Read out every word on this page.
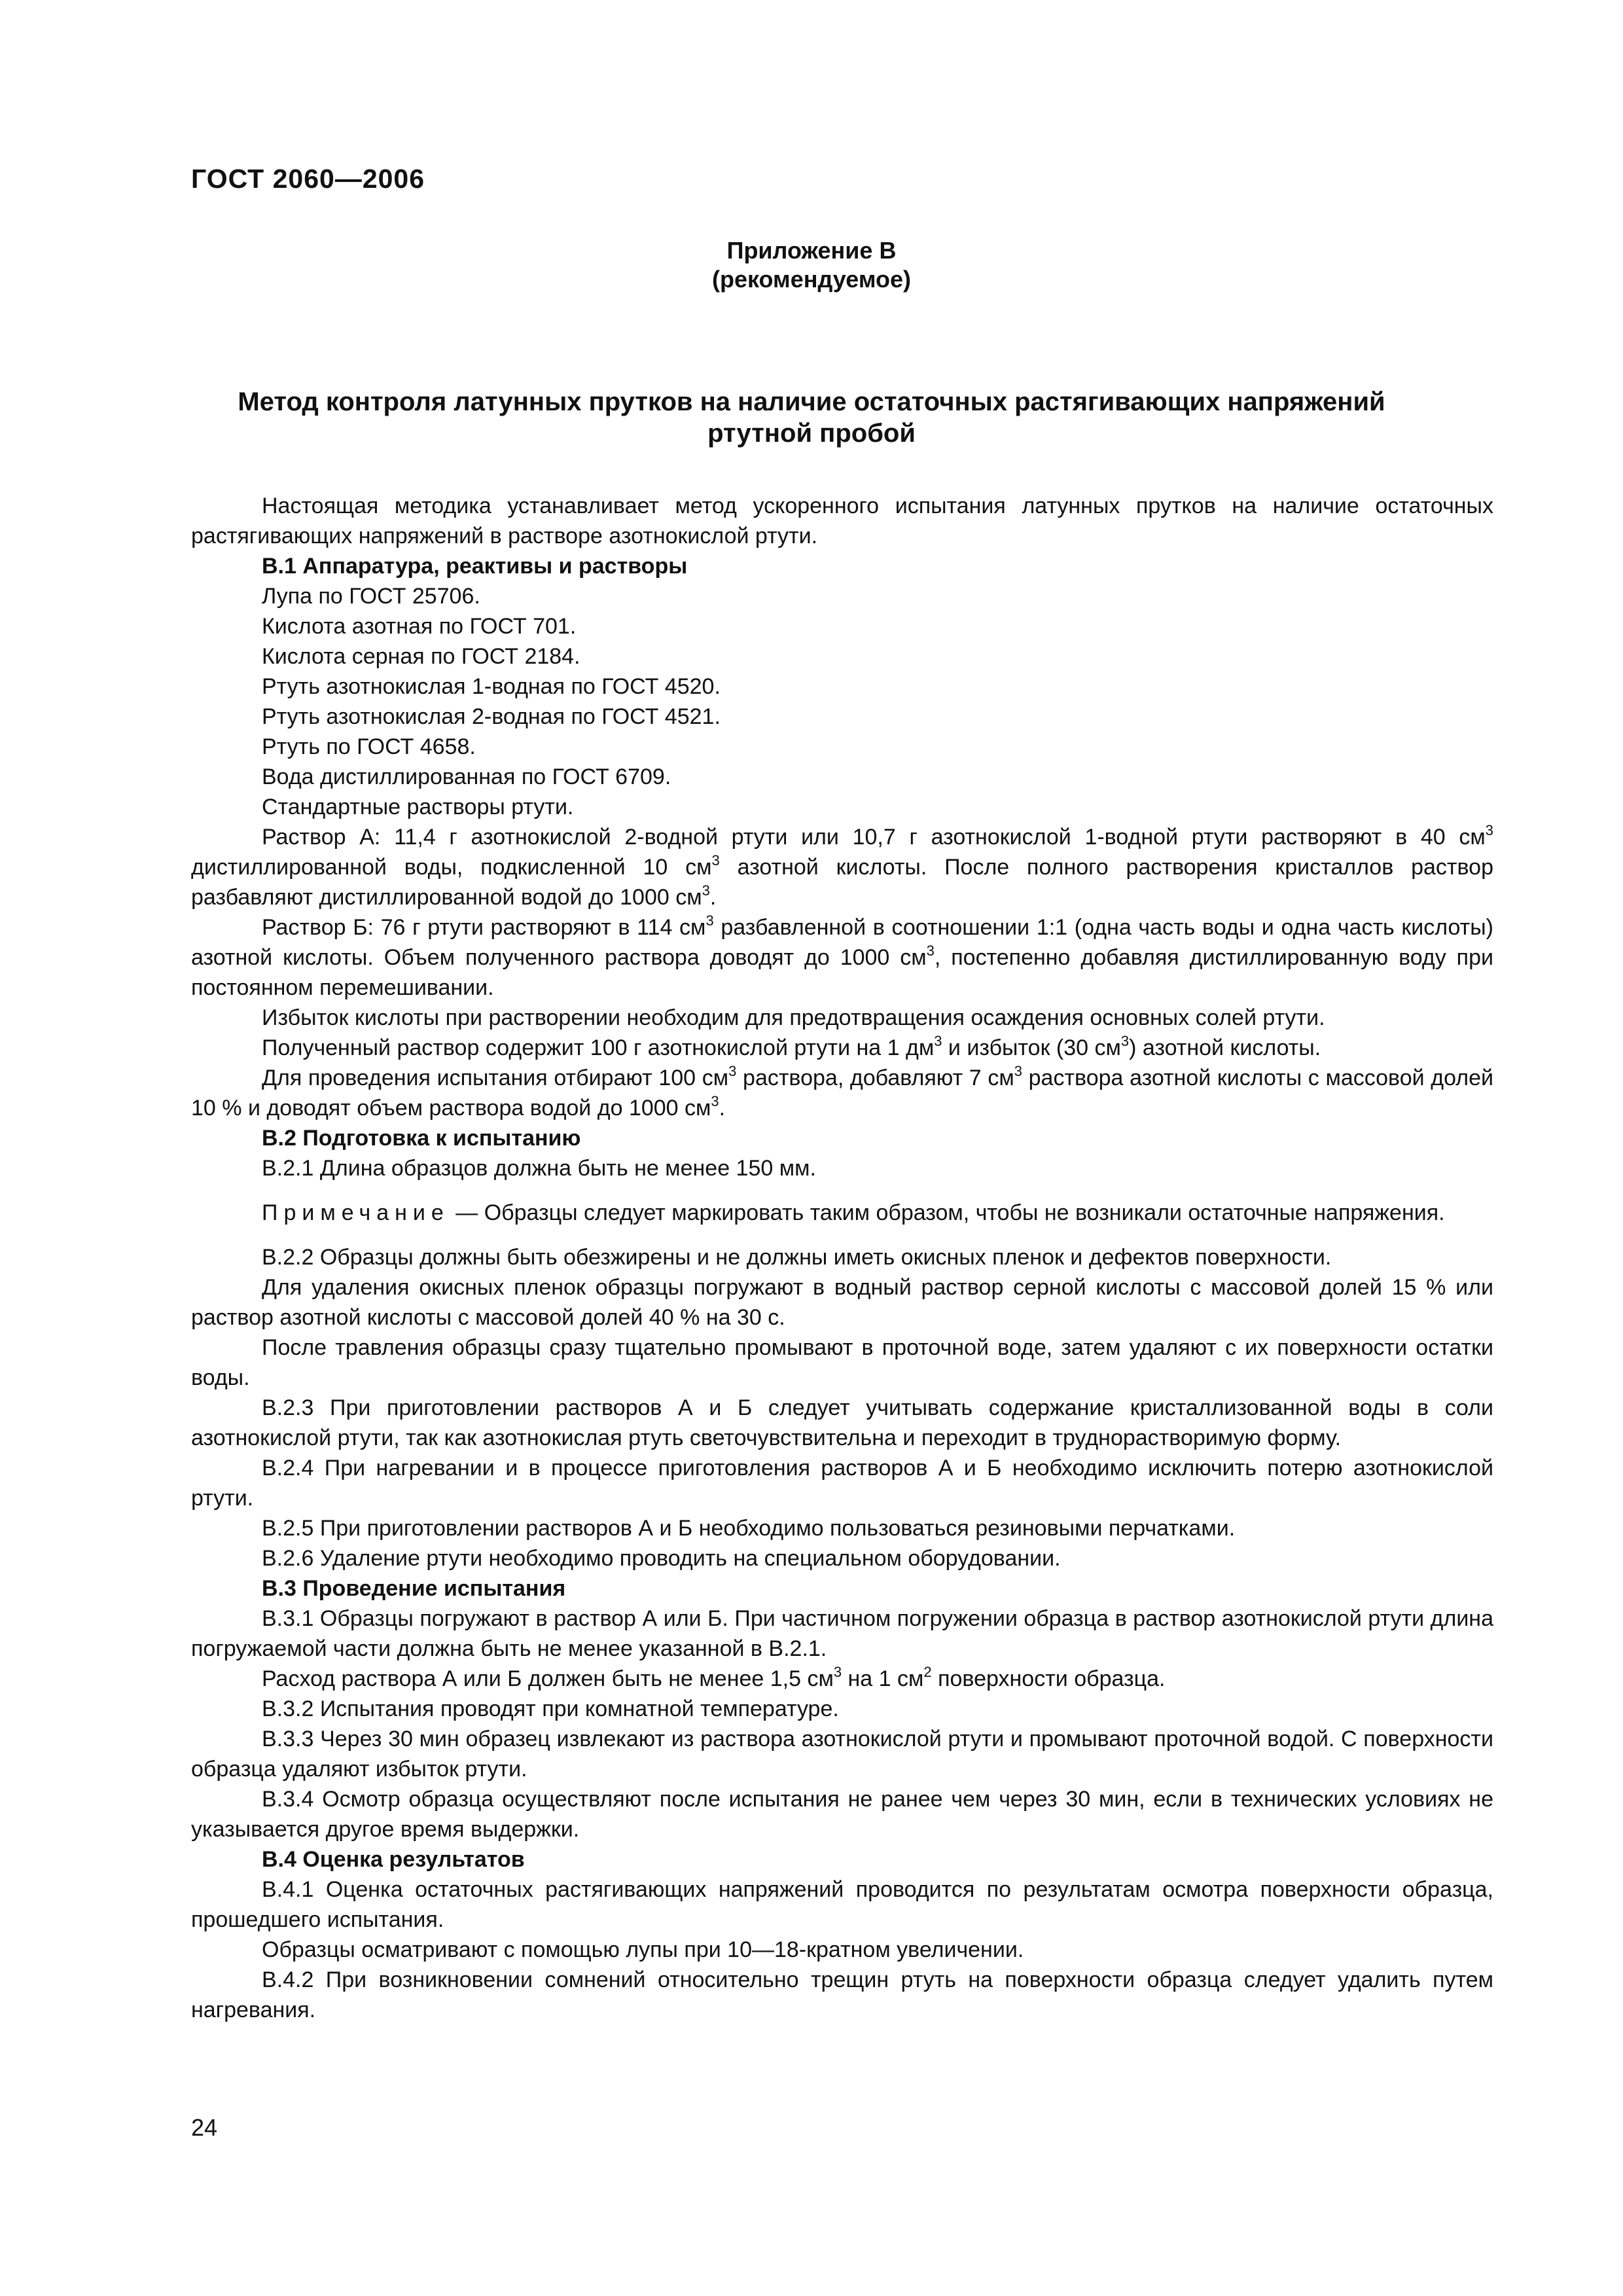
ГОСТ 2060—2006
Приложение В
(рекомендуемое)
Метод контроля латунных прутков на наличие остаточных растягивающих напряжений
ртутной пробой

Настоящая методика устанавливает метод ускоренного испытания латунных прутков на наличие остаточных растягивающих напряжений в растворе азотнокислой ртути.

В.1 Аппаратура, реактивы и растворы

Лупа по ГОСТ 25706.

Кислота азотная по ГОСТ 701.

Кислота серная по ГОСТ 2184.

Ртуть азотнокислая 1-водная по ГОСТ 4520.

Ртуть азотнокислая 2-водная по ГОСТ 4521.

Ртуть по ГОСТ 4658.

Вода дистиллированная по ГОСТ 6709.

Стандартные растворы ртути.

Раствор А: 11,4 г азотнокислой 2-водной ртути или 10,7 г азотнокислой 1-водной ртути растворяют в 40 $см^3$ дистиллированной воды, подкисленной 10 $см^3$ азотной кислоты. После полного растворения кристаллов раствор разбавляют дистиллированной водой до 1000 $см^3$.

Раствор Б: 76 г ртути растворяют в 114 $см^3$ разбавленной в соотношении 1:1 (одна часть воды и одна часть кислоты) азотной кислоты. Объем полученного раствора доводят до 1000 $см^3$, постепенно добавляя дистиллированную воду при постоянном перемешивании.

Избыток кислоты при растворении необходим для предотвращения осаждения основных солей ртути.

Полученный раствор содержит 100 г азотнокислой ртути на 1 $дм^3$ и избыток (30 $см^3$) азотной кислоты.

Для проведения испытания отбирают 100 $см^3$ раствора, добавляют 7 $см^3$ раствора азотной кислоты с массовой долей 10 % и доводят объем раствора водой до 1000 $см^3$.

В.2 Подготовка к испытанию

В.2.1 Длина образцов должна быть не менее 150 мм.

Примечание — Образцы следует маркировать таким образом, чтобы не возникали остаточные напряжения.

В.2.2 Образцы должны быть обезжирены и не должны иметь окисных пленок и дефектов поверхности.

Для удаления окисных пленок образцы погружают в водный раствор серной кислоты с массовой долей 15 % или раствор азотной кислоты с массовой долей 40 % на 30 с.

После травления образцы сразу тщательно промывают в проточной воде, затем удаляют с их поверхности остатки воды.

В.2.3 При приготовлении растворов А и Б следует учитывать содержание кристаллизованной воды в соли азотнокислой ртути, так как азотнокислая ртуть светочувствительна и переходит в труднорастворимую форму.

В.2.4 При нагревании и в процессе приготовления растворов А и Б необходимо исключить потерю азотнокислой ртути.

В.2.5 При приготовлении растворов А и Б необходимо пользоваться резиновыми перчатками.

В.2.6 Удаление ртути необходимо проводить на специальном оборудовании.

В.3 Проведение испытания

В.3.1 Образцы погружают в раствор А или Б. При частичном погружении образца в раствор азотнокислой ртути длина погружаемой части должна быть не менее указанной в В.2.1.

Расход раствора А или Б должен быть не менее 1,5 $см^3$ на 1 $см^2$ поверхности образца.

В.3.2 Испытания проводят при комнатной температуре.

В.3.3 Через 30 мин образец извлекают из раствора азотнокислой ртути и промывают проточной водой. С поверхности образца удаляют избыток ртути.

В.3.4 Осмотр образца осуществляют после испытания не ранее чем через 30 мин, если в технических условиях не указывается другое время выдержки.

В.4 Оценка результатов

В.4.1 Оценка остаточных растягивающих напряжений проводится по результатам осмотра поверхности образца, прошедшего испытания.

Образцы осматривают с помощью лупы при 10—18-кратном увеличении.

В.4.2 При возникновении сомнений относительно трещин ртуть на поверхности образца следует удалить путем нагревания.

24
